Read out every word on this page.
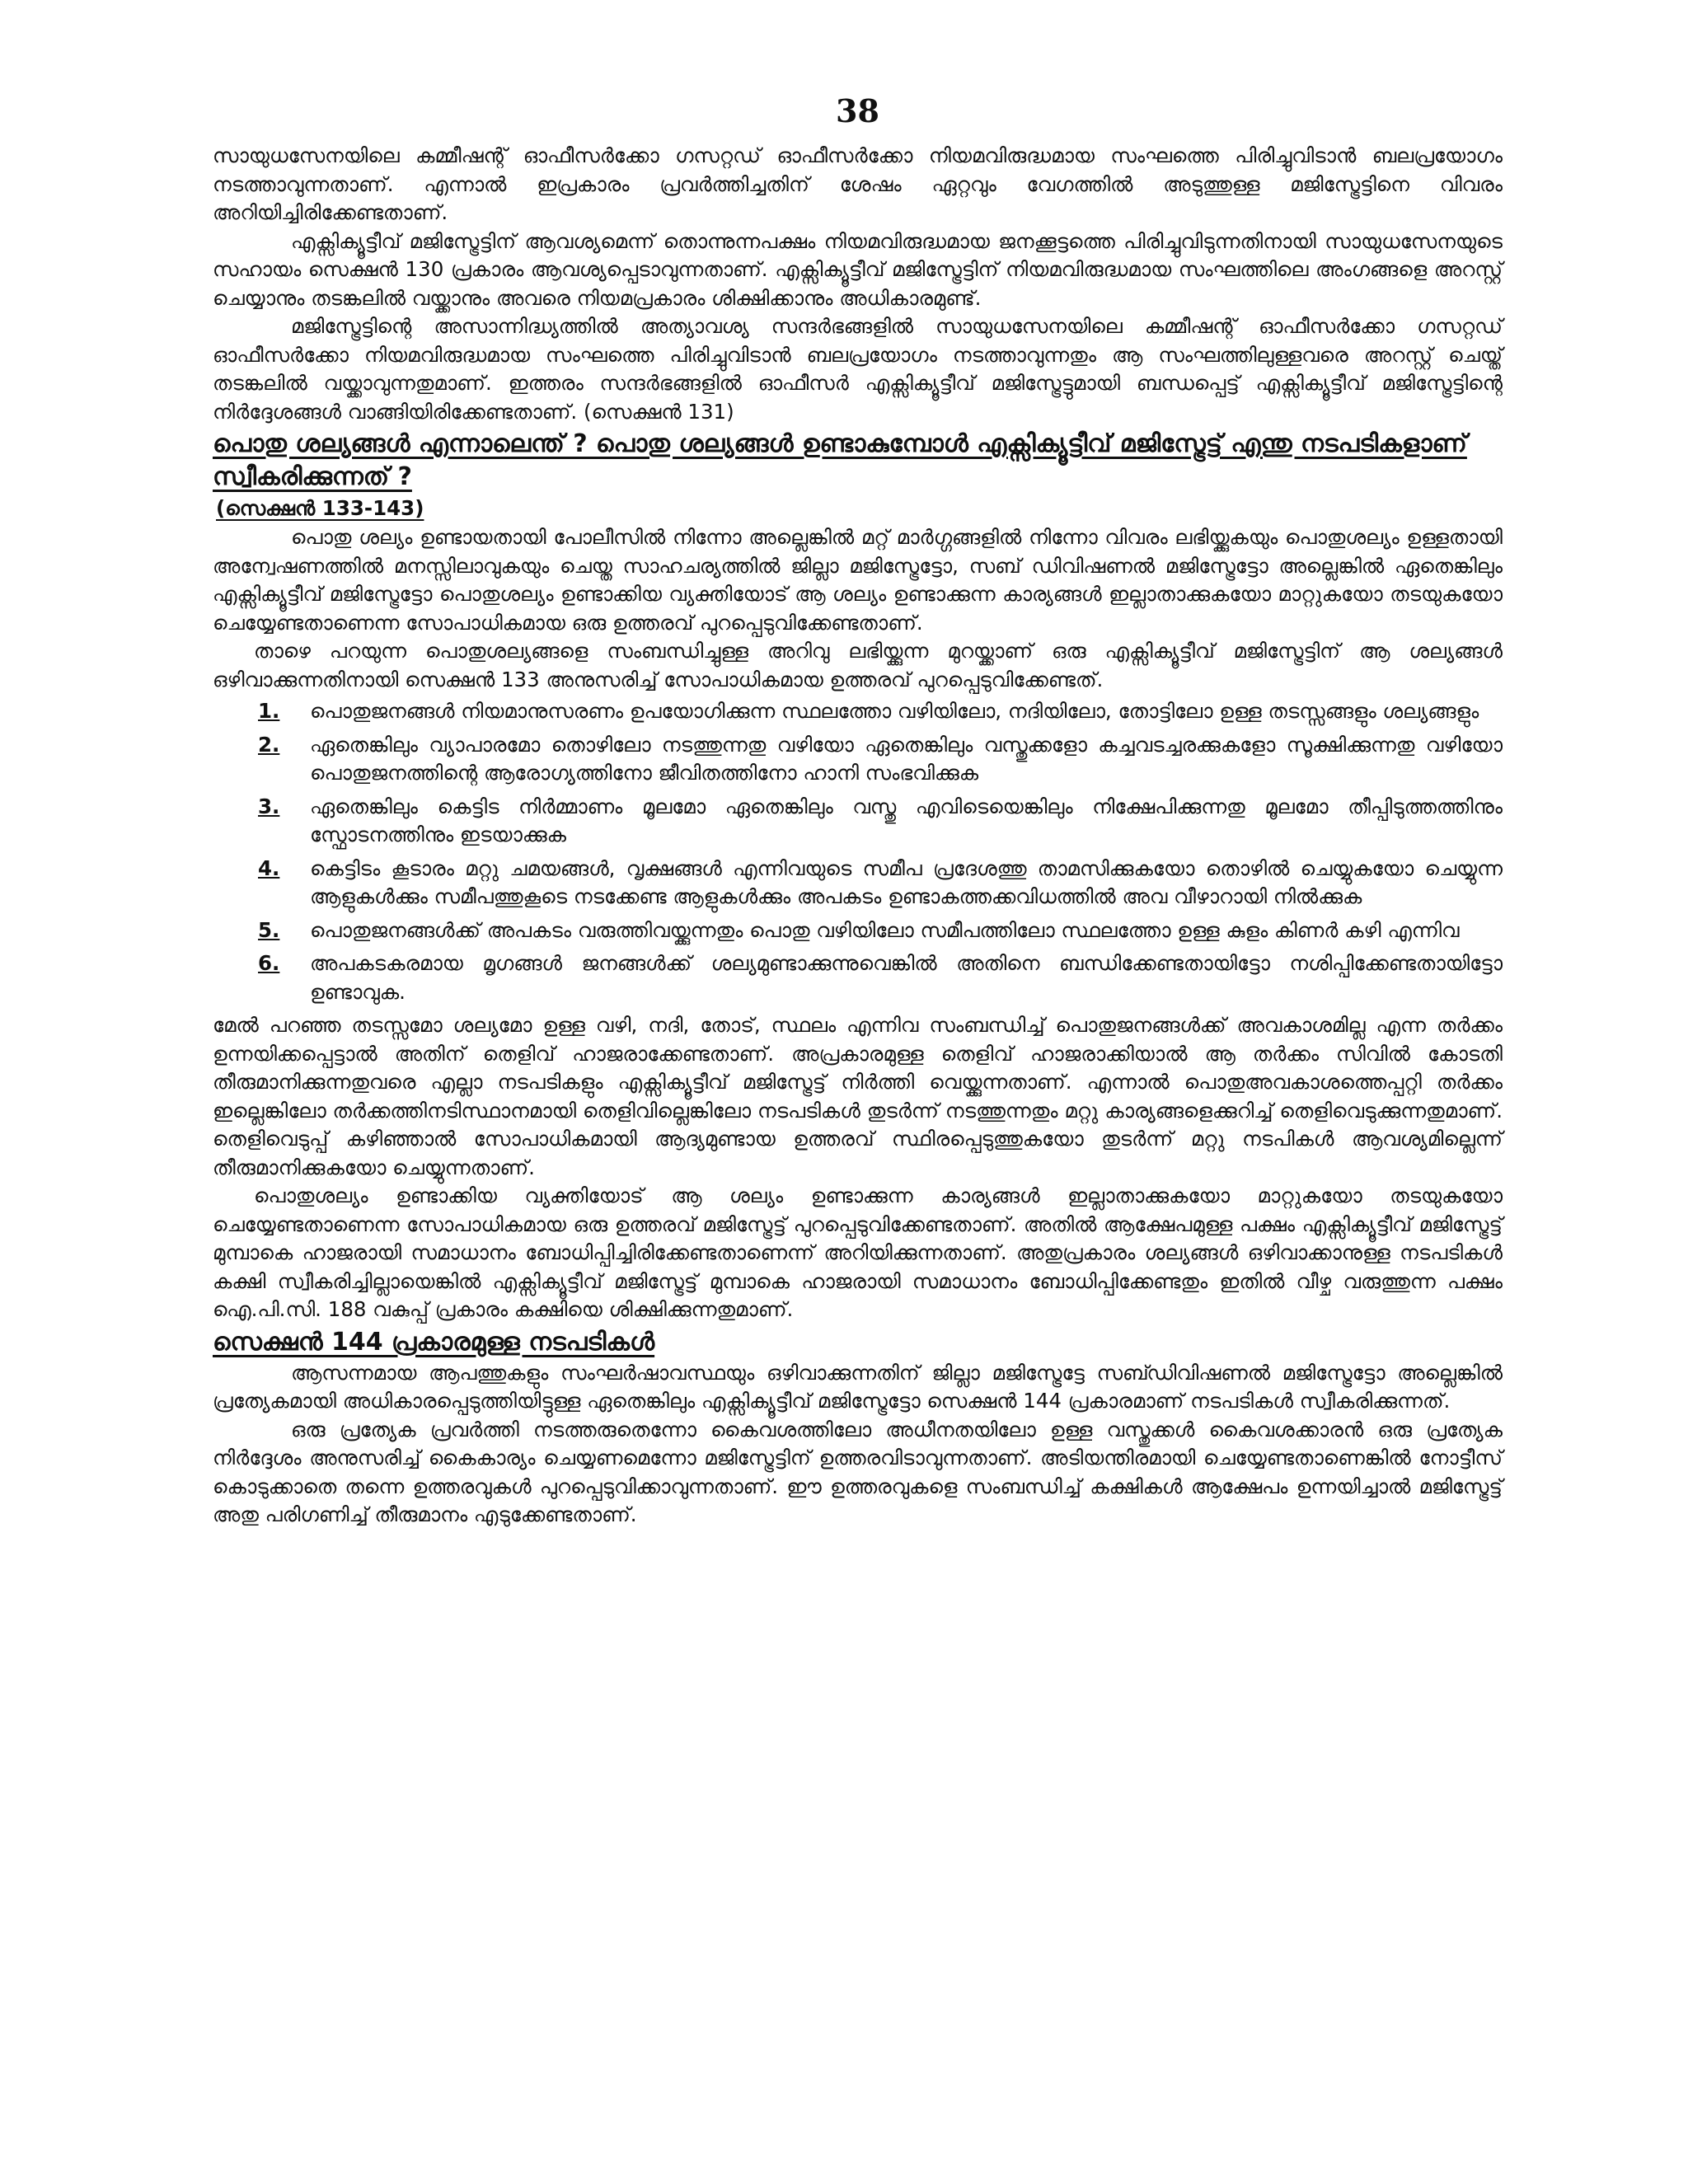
38

സായുധസേനയിലെ കമ്മീഷന്റ് ഓഫീസർക്കോ ഗസറ്റഡ് ഓഫീസർക്കോ നിയമവിരുദ്ധമായ സംഘത്തെ പിരിച്ചുവിടാൻ ബലപ്രയോഗം നടത്താവുന്നതാണ്. എന്നാൽ ഇപ്രകാരം പ്രവർത്തിച്ചതിന് ശേഷം ഏറ്റവും വേഗത്തിൽ അടുത്തുള്ള മജിസ്ട്രേട്ടിനെ വിവരം അറിയിച്ചിരിക്കേണ്ടതാണ്.

എക്സിക്യൂട്ടീവ് മജിസ്ട്രേട്ടിന് ആവശ്യമെന്ന് തൊന്നുന്നപക്ഷം നിയമവിരുദ്ധമായ ജനക്കൂട്ടത്തെ പിരിച്ചുവിടുന്നതിനായി സായുധസേനയുടെ സഹായം സെക്ഷൻ 130 പ്രകാരം ആവശ്യപ്പെടാവുന്നതാണ്. എക്സിക്യൂട്ടീവ് മജിസ്ട്രേട്ടിന് നിയമവിരുദ്ധമായ സംഘത്തിലെ അംഗങ്ങളെ അറസ്റ്റ് ചെയ്യാനും തടങ്കലിൽ വയ്ക്കാനും അവരെ നിയമപ്രകാരം ശിക്ഷിക്കാനും അധികാരമുണ്ട്.

മജിസ്ട്രേട്ടിന്റെ അസാന്നിദ്ധ്യത്തിൽ അത്യാവശ്യ സന്ദർഭങ്ങളിൽ സായുധസേനയിലെ കമ്മീഷന്റ് ഓഫീസർക്കോ ഗസറ്റഡ് ഓഫീസർക്കോ നിയമവിരുദ്ധമായ സംഘത്തെ പിരിച്ചുവിടാൻ ബലപ്രയോഗം നടത്താവുന്നതും ആ സംഘത്തിലുള്ളവരെ അറസ്റ്റ് ചെയ്ത് തടങ്കലിൽ വയ്ക്കാവുന്നതുമാണ്. ഇത്തരം സന്ദർഭങ്ങളിൽ ഓഫീസർ എക്സിക്യൂട്ടീവ് മജിസ്ട്രേട്ടുമായി ബന്ധപ്പെട്ട് എക്സിക്യൂട്ടീവ് മജിസ്ട്രേട്ടിന്റെ നിർദ്ദേശങ്ങൾ വാങ്ങിയിരിക്കേണ്ടതാണ്. (സെക്ഷൻ 131)

പൊതു ശല്യങ്ങൾ എന്നാലെന്ത് ? പൊതു ശല്യങ്ങൾ ഉണ്ടാകുമ്പോൾ എക്സിക്യൂട്ടീവ് മജിസ്ട്രേട്ട് എന്തു നടപടികളാണ് സ്വീകരിക്കുന്നത് ?
(സെക്ഷൻ 133-143)

പൊതു ശല്യം ഉണ്ടായതായി പോലീസിൽ നിന്നോ അല്ലെങ്കിൽ മറ്റ് മാർഗ്ഗങ്ങളിൽ നിന്നോ വിവരം ലഭിയ്ക്കുകയും പൊതുശല്യം ഉള്ളതായി അന്വേഷണത്തിൽ മനസ്സിലാവുകയും ചെയ്ത സാഹചര്യത്തിൽ ജില്ലാ മജിസ്ട്രേട്ടോ, സബ് ഡിവിഷണൽ മജിസ്ട്രേട്ടോ അല്ലെങ്കിൽ ഏതെങ്കിലും എക്സിക്യൂട്ടീവ് മജിസ്ട്രേട്ടോ പൊതുശല്യം ഉണ്ടാക്കിയ വ്യക്തിയോട് ആ ശല്യം ഉണ്ടാക്കുന്ന കാര്യങ്ങൾ ഇല്ലാതാക്കുകയോ മാറ്റുകയോ തടയുകയോ ചെയ്യേണ്ടതാണെന്ന സോപാധികമായ ഒരു ഉത്തരവ് പുറപ്പെടുവിക്കേണ്ടതാണ്.

താഴെ പറയുന്ന പൊതുശല്യങ്ങളെ സംബന്ധിച്ചുള്ള അറിവു ലഭിയ്ക്കുന്ന മുറയ്ക്കാണ് ഒരു എക്സിക്യൂട്ടീവ് മജിസ്ട്രേട്ടിന് ആ ശല്യങ്ങൾ ഒഴിവാക്കുന്നതിനായി സെക്ഷൻ 133 അനുസരിച്ച് സോപാധികമായ ഉത്തരവ് പുറപ്പെടുവിക്കേണ്ടത്.

1. പൊതുജനങ്ങൾ നിയമാനുസരണം ഉപയോഗിക്കുന്ന സ്ഥലത്തോ വഴിയിലോ, നദിയിലോ, തോട്ടിലോ ഉള്ള തടസ്സങ്ങളും ശല്യങ്ങളും
2. ഏതെങ്കിലും വ്യാപാരമോ തൊഴിലോ നടത്തുന്നതു വഴിയോ ഏതെങ്കിലും വസ്തുക്കളോ കച്ചവടച്ചരക്കുകളോ സൂക്ഷിക്കുന്നതു വഴിയോ പൊതുജനത്തിന്റെ ആരോഗ്യത്തിനോ ജീവിതത്തിനോ ഹാനി സംഭവിക്കുക
3. ഏതെങ്കിലും കെട്ടിട നിർമ്മാണം മൂലമോ ഏതെങ്കിലും വസ്തു എവിടെയെങ്കിലും നിക്ഷേപിക്കുന്നതു മൂലമോ തീപ്പിടുത്തത്തിനും സ്ഫോടനത്തിനും ഇടയാക്കുക
4. കെട്ടിടം കൂടാരം മറ്റു ചമയങ്ങൾ, വൃക്ഷങ്ങൾ എന്നിവയുടെ സമീപ പ്രദേശത്തു താമസിക്കുകയോ തൊഴിൽ ചെയ്യുകയോ ചെയ്യുന്ന ആളുകൾക്കും സമീപത്തുകൂടെ നടക്കേണ്ട ആളുകൾക്കും അപകടം ഉണ്ടാകത്തക്കവിധത്തിൽ അവ വീഴാറായി നിൽക്കുക
5. പൊതുജനങ്ങൾക്ക് അപകടം വരുത്തിവയ്ക്കുന്നതും പൊതു വഴിയിലോ സമീപത്തിലോ സ്ഥലത്തോ ഉള്ള കുളം കിണർ കഴി എന്നിവ
6. അപകടകരമായ മൃഗങ്ങൾ ജനങ്ങൾക്ക് ശല്യമുണ്ടാക്കുന്നുവെങ്കിൽ അതിനെ ബന്ധിക്കേണ്ടതായിട്ടോ നശിപ്പിക്കേണ്ടതായിട്ടോ ഉണ്ടാവുക.

മേൽ പറഞ്ഞ തടസ്സമോ ശല്യമോ ഉള്ള വഴി, നദി, തോട്, സ്ഥലം എന്നിവ സംബന്ധിച്ച് പൊതുജനങ്ങൾക്ക് അവകാശമില്ല എന്ന തർക്കം ഉന്നയിക്കപ്പെട്ടാൽ അതിന് തെളിവ് ഹാജരാക്കേണ്ടതാണ്. അപ്രകാരമുള്ള തെളിവ് ഹാജരാക്കിയാൽ ആ തർക്കം സിവിൽ കോടതി തീരുമാനിക്കുന്നതുവരെ എല്ലാ നടപടികളും എക്സിക്യൂട്ടീവ് മജിസ്ട്രേട്ട് നിർത്തി വെയ്ക്കുന്നതാണ്. എന്നാൽ പൊതുഅവകാശത്തെപ്പറ്റി തർക്കം ഇല്ലെങ്കിലോ തർക്കത്തിനടിസ്ഥാനമായി തെളിവില്ലെങ്കിലോ നടപടികൾ തുടർന്ന് നടത്തുന്നതും മറ്റു കാര്യങ്ങളെക്കുറിച്ച് തെളിവെടുക്കുന്നതുമാണ്. തെളിവെടുപ്പ് കഴിഞ്ഞാൽ സോപാധികമായി ആദ്യമുണ്ടായ ഉത്തരവ് സ്ഥിരപ്പെടുത്തുകയോ തുടർന്ന് മറ്റു നടപികൾ ആവശ്യമില്ലെന്ന് തീരുമാനിക്കുകയോ ചെയ്യുന്നതാണ്.

പൊതുശല്യം ഉണ്ടാക്കിയ വ്യക്തിയോട് ആ ശല്യം ഉണ്ടാക്കുന്ന കാര്യങ്ങൾ ഇല്ലാതാക്കുകയോ മാറ്റുകയോ തടയുകയോ ചെയ്യേണ്ടതാണെന്ന സോപാധികമായ ഒരു ഉത്തരവ് മജിസ്ട്രേട്ട് പുറപ്പെടുവിക്കേണ്ടതാണ്. അതിൽ ആക്ഷേപമുള്ള പക്ഷം എക്സിക്യൂട്ടീവ് മജിസ്ട്രേട്ട് മുമ്പാകെ ഹാജരായി സമാധാനം ബോധിപ്പിച്ചിരിക്കേണ്ടതാണെന്ന് അറിയിക്കുന്നതാണ്. അതുപ്രകാരം ശല്യങ്ങൾ ഒഴിവാക്കാനുള്ള നടപടികൾ കക്ഷി സ്വീകരിച്ചില്ലായെങ്കിൽ എക്സിക്യൂട്ടീവ് മജിസ്ട്രേട്ട് മുമ്പാകെ ഹാജരായി സമാധാനം ബോധിപ്പിക്കേണ്ടതും ഇതിൽ വീഴ്ച വരുത്തുന്ന പക്ഷം ഐ.പി.സി. 188 വകുപ്പ് പ്രകാരം കക്ഷിയെ ശിക്ഷിക്കുന്നതുമാണ്.

സെക്ഷൻ 144 പ്രകാരമുള്ള നടപടികൾ

ആസന്നമായ ആപത്തുകളും സംഘർഷാവസ്ഥയും ഒഴിവാക്കുന്നതിന് ജില്ലാ മജിസ്ട്രേട്ടേ സബ്ഡിവിഷണൽ മജിസ്ട്രേട്ടോ അല്ലെങ്കിൽ പ്രത്യേകമായി അധികാരപ്പെടുത്തിയിട്ടുള്ള ഏതെങ്കിലും എക്സിക്യൂട്ടീവ് മജിസ്ട്രേട്ടോ സെക്ഷൻ 144 പ്രകാരമാണ് നടപടികൾ സ്വീകരിക്കുന്നത്.

ഒരു പ്രത്യേക പ്രവർത്തി നടത്തരുതെന്നോ കൈവശത്തിലോ അധീനതയിലോ ഉള്ള വസ്തുക്കൾ കൈവശക്കാരൻ ഒരു പ്രത്യേക നിർദ്ദേശം അനുസരിച്ച് കൈകാര്യം ചെയ്യണമെന്നോ മജിസ്ട്രേട്ടിന് ഉത്തരവിടാവുന്നതാണ്. അടിയന്തിരമായി ചെയ്യേണ്ടതാണെങ്കിൽ നോട്ടീസ് കൊടുക്കാതെ തന്നെ ഉത്തരവുകൾ പുറപ്പെടുവിക്കാവുന്നതാണ്. ഈ ഉത്തരവുകളെ സംബന്ധിച്ച് കക്ഷികൾ ആക്ഷേപം ഉന്നയിച്ചാൽ മജിസ്ട്രേട്ട് അതു പരിഗണിച്ച് തീരുമാനം എടുക്കേണ്ടതാണ്.
